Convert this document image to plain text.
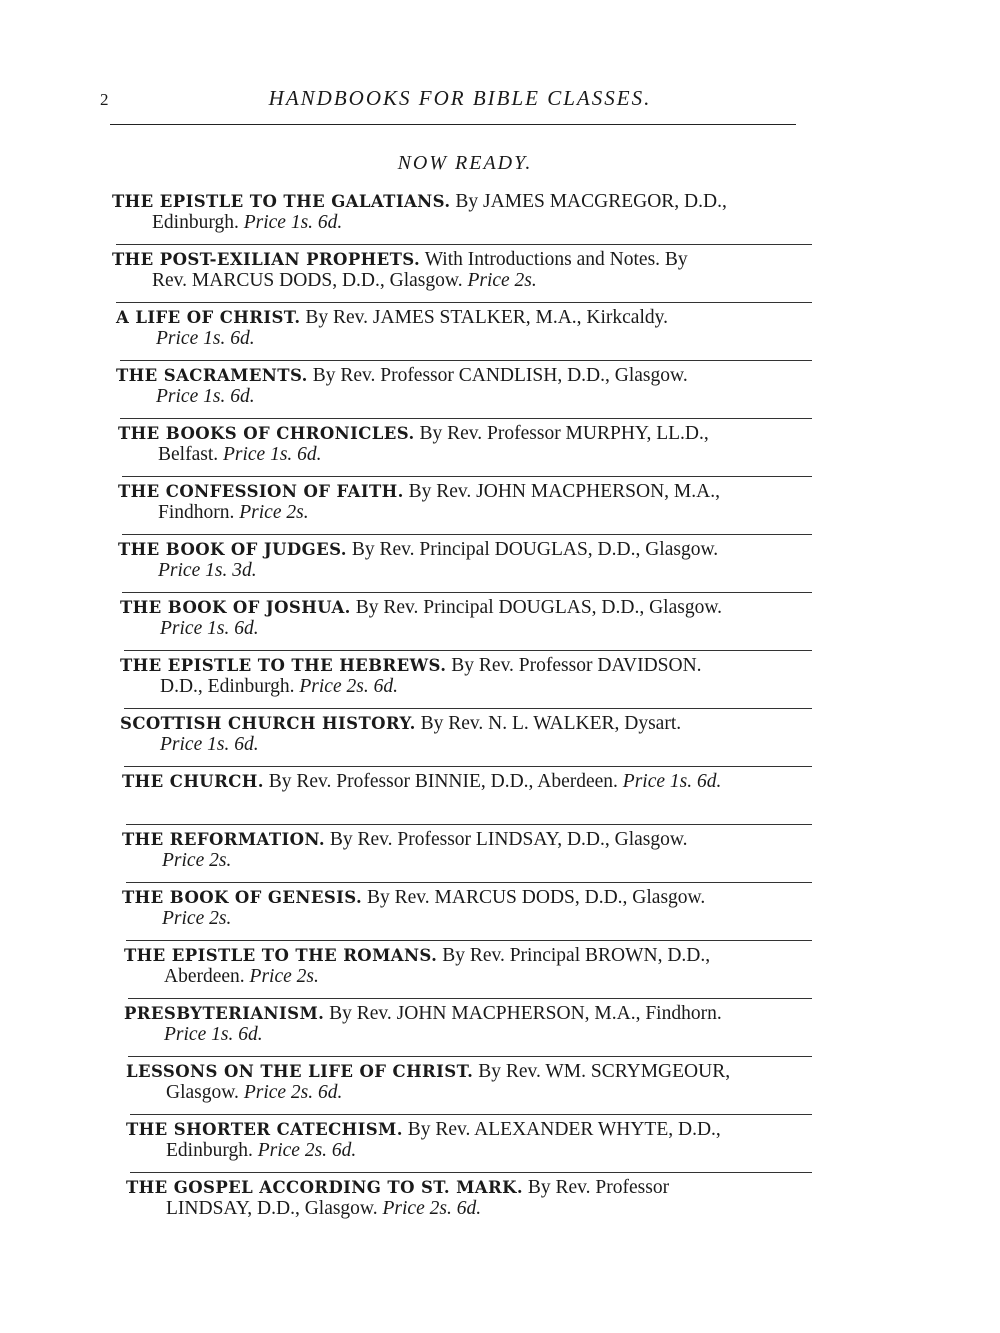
2	HANDBOOKS FOR BIBLE CLASSES.
NOW READY.
THE EPISTLE TO THE GALATIANS. By JAMES MACGREGOR, D.D.,
Edinburgh. Price 1s. 6d.
THE POST-EXILIAN PROPHETS. With Introductions and Notes. By
Rev. MARCUS DODS, D.D., Glasgow. Price 2s.
A LIFE OF CHRIST. By Rev. JAMES STALKER, M.A., Kirkcaldy.
Price 1s. 6d.
THE SACRAMENTS. By Rev. Professor CANDLISH, D.D., Glasgow.
Price 1s. 6d.
THE BOOKS OF CHRONICLES. By Rev. Professor MURPHY, LL.D.,
Belfast. Price 1s. 6d.
THE CONFESSION OF FAITH. By Rev. JOHN MACPHERSON, M.A.,
Findhorn. Price 2s.
THE BOOK OF JUDGES. By Rev. Principal DOUGLAS, D.D., Glasgow.
Price 1s. 3d.
THE BOOK OF JOSHUA. By Rev. Principal DOUGLAS, D.D., Glasgow.
Price 1s. 6d.
THE EPISTLE TO THE HEBREWS. By Rev. Professor DAVIDSON.
D.D., Edinburgh. Price 2s. 6d.
SCOTTISH CHURCH HISTORY. By Rev. N. L. WALKER, Dysart.
Price 1s. 6d.
THE CHURCH. By Rev. Professor BINNIE, D.D., Aberdeen. Price 1s. 6d.
THE REFORMATION. By Rev. Professor LINDSAY, D.D., Glasgow.
Price 2s.
THE BOOK OF GENESIS. By Rev. MARCUS DODS, D.D., Glasgow.
Price 2s.
THE EPISTLE TO THE ROMANS. By Rev. Principal BROWN, D.D.,
Aberdeen. Price 2s.
PRESBYTERIANISM. By Rev. JOHN MACPHERSON, M.A., Findhorn.
Price 1s. 6d.
LESSONS ON THE LIFE OF CHRIST. By Rev. WM. SCRYMGEOUR,
Glasgow. Price 2s. 6d.
THE SHORTER CATECHISM. By Rev. ALEXANDER WHYTE, D.D.,
Edinburgh. Price 2s. 6d.
THE GOSPEL ACCORDING TO ST. MARK. By Rev. Professor
LINDSAY, D.D., Glasgow. Price 2s. 6d.
